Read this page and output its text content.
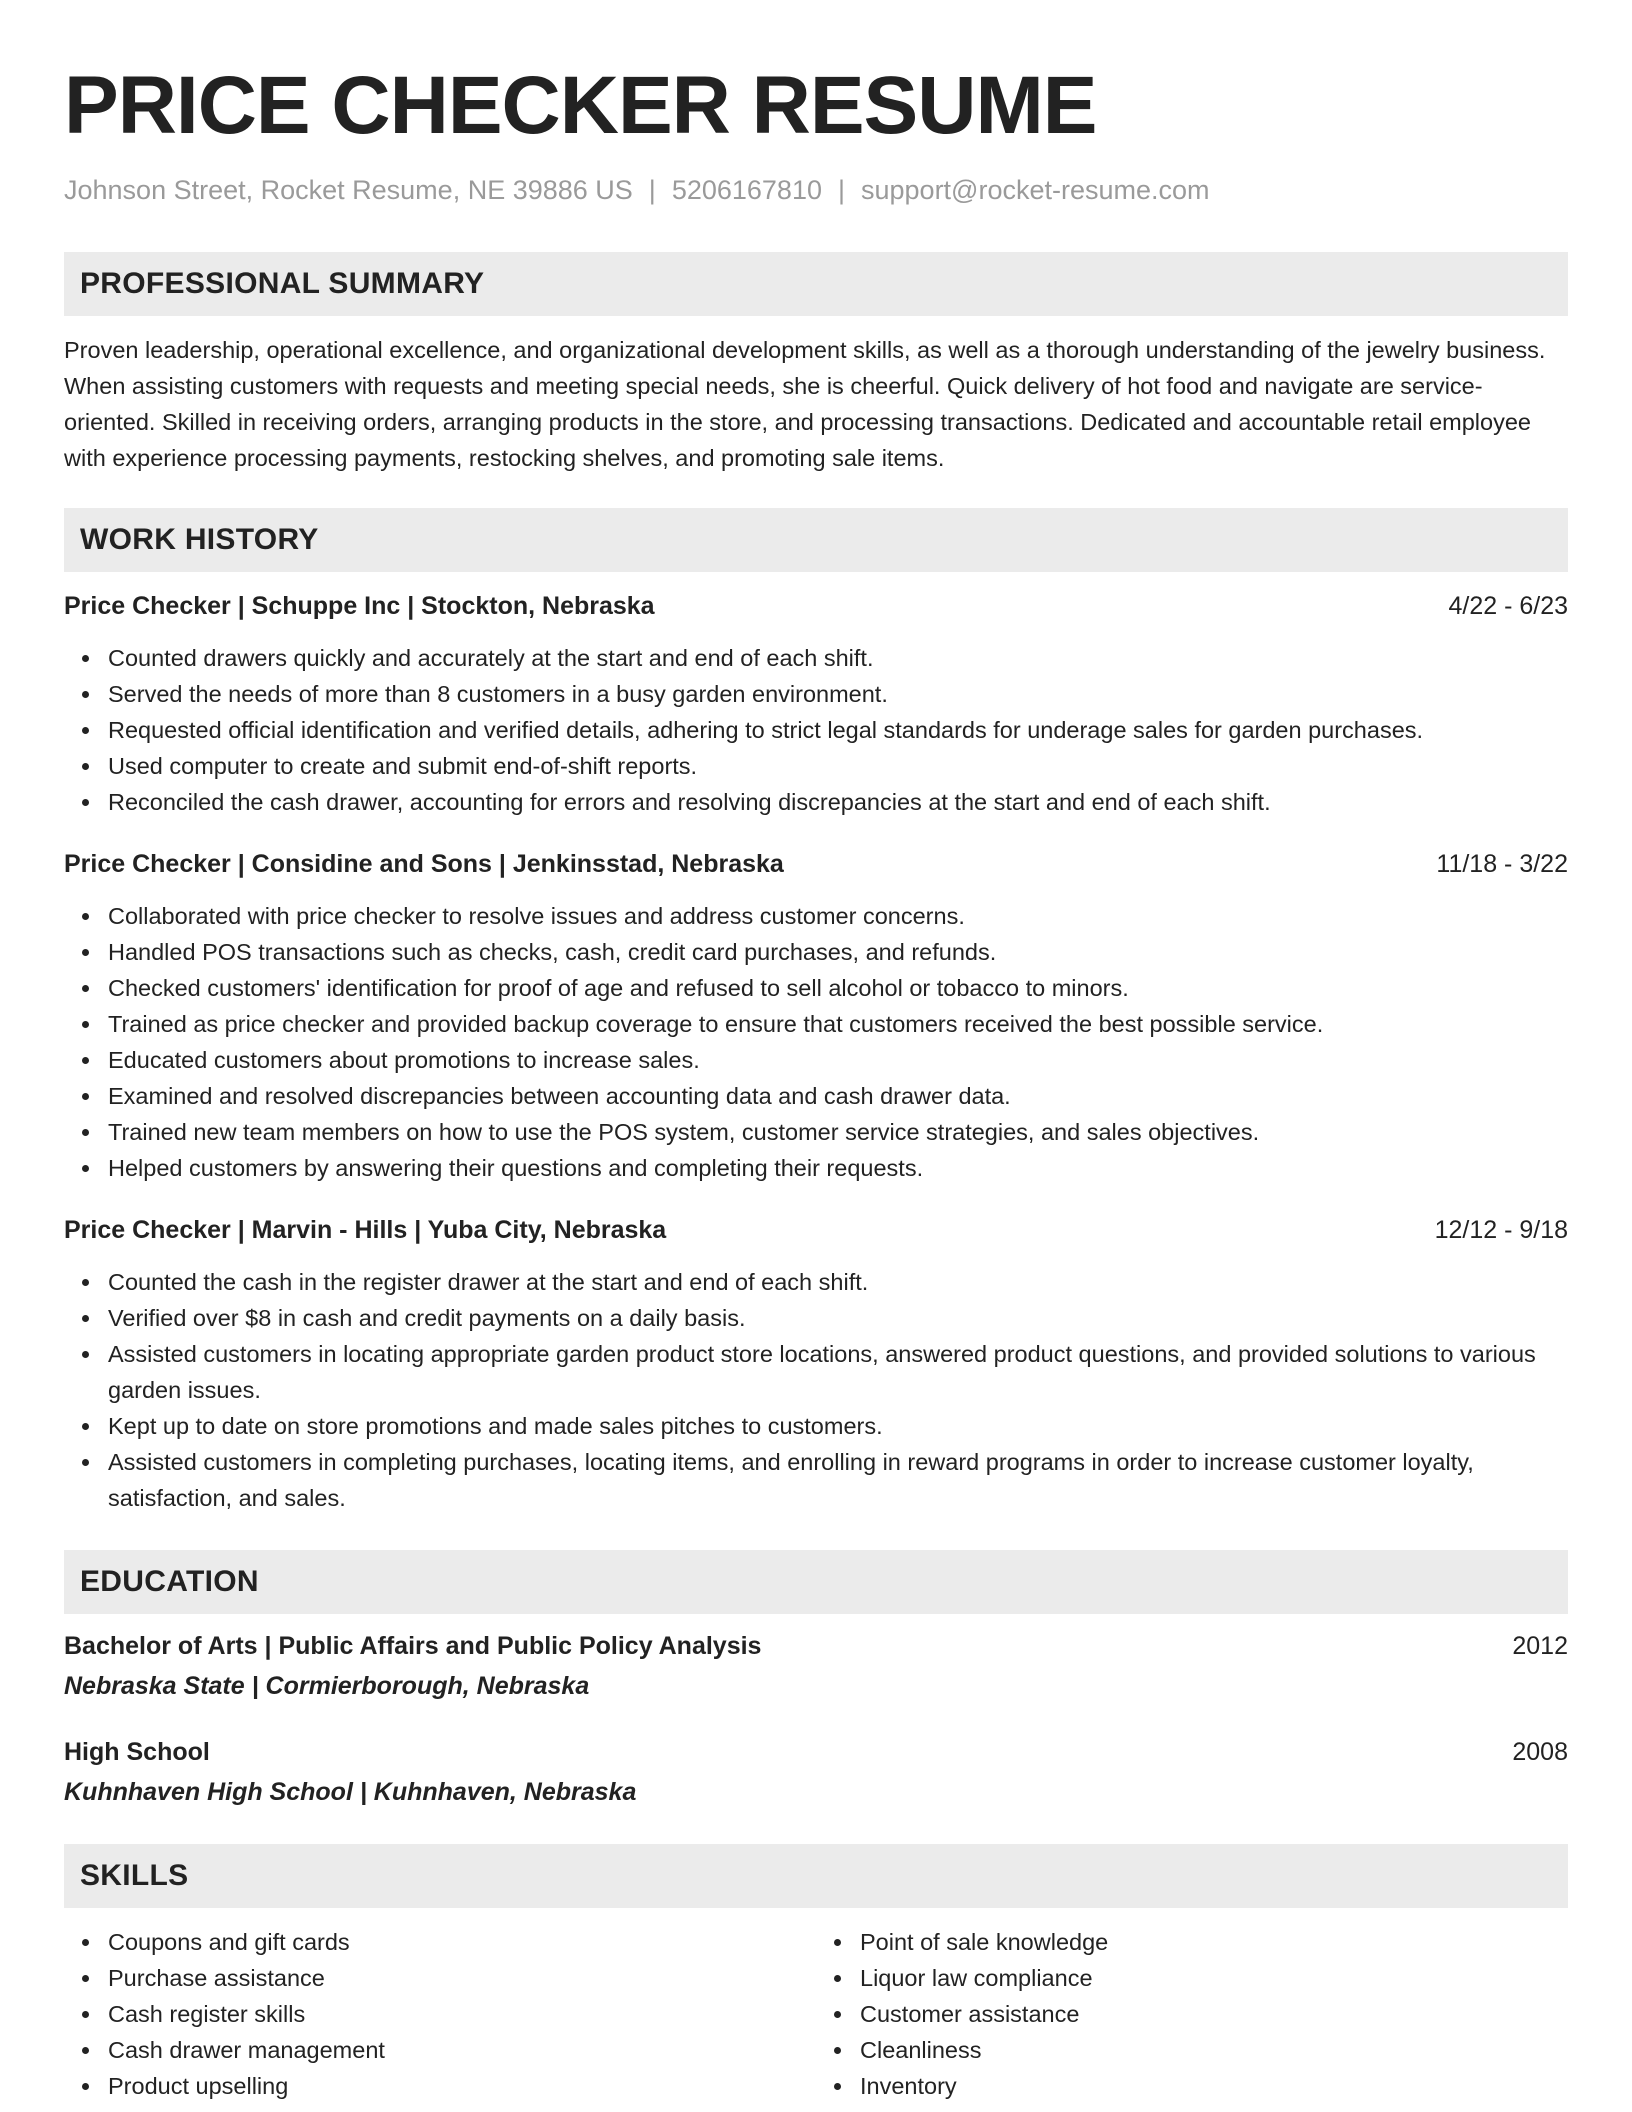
PRICE CHECKER RESUME
Johnson Street, Rocket Resume, NE 39886 US | 5206167810 | support@rocket-resume.com
PROFESSIONAL SUMMARY

Proven leadership, operational excellence, and organizational development skills, as well as a thorough understanding of the jewelry business. When assisting customers with requests and meeting special needs, she is cheerful. Quick delivery of hot food and navigate are service-oriented. Skilled in receiving orders, arranging products in the store, and processing transactions. Dedicated and accountable retail employee with experience processing payments, restocking shelves, and promoting sale items.

WORK HISTORY
Price Checker | Schuppe Inc | Stockton, Nebraska	4/22 - 6/23
Counted drawers quickly and accurately at the start and end of each shift.
Served the needs of more than 8 customers in a busy garden environment.
Requested official identification and verified details, adhering to strict legal standards for underage sales for garden purchases.
Used computer to create and submit end-of-shift reports.
Reconciled the cash drawer, accounting for errors and resolving discrepancies at the start and end of each shift.
Price Checker | Considine and Sons | Jenkinsstad, Nebraska	11/18 - 3/22
Collaborated with price checker to resolve issues and address customer concerns.
Handled POS transactions such as checks, cash, credit card purchases, and refunds.
Checked customers' identification for proof of age and refused to sell alcohol or tobacco to minors.
Trained as price checker and provided backup coverage to ensure that customers received the best possible service.
Educated customers about promotions to increase sales.
Examined and resolved discrepancies between accounting data and cash drawer data.
Trained new team members on how to use the POS system, customer service strategies, and sales objectives.
Helped customers by answering their questions and completing their requests.
Price Checker | Marvin - Hills | Yuba City, Nebraska	12/12 - 9/18
Counted the cash in the register drawer at the start and end of each shift.
Verified over $8 in cash and credit payments on a daily basis.
Assisted customers in locating appropriate garden product store locations, answered product questions, and provided solutions to various garden issues.
Kept up to date on store promotions and made sales pitches to customers.
Assisted customers in completing purchases, locating items, and enrolling in reward programs in order to increase customer loyalty, satisfaction, and sales.
EDUCATION
Bachelor of Arts | Public Affairs and Public Policy Analysis	2012
Nebraska State | Cormierborough, Nebraska
High School	2008
Kuhnhaven High School | Kuhnhaven, Nebraska
SKILLS
Coupons and gift cards
Purchase assistance
Cash register skills
Cash drawer management
Product upselling
Point of sale knowledge
Liquor law compliance
Customer assistance
Cleanliness
Inventory
